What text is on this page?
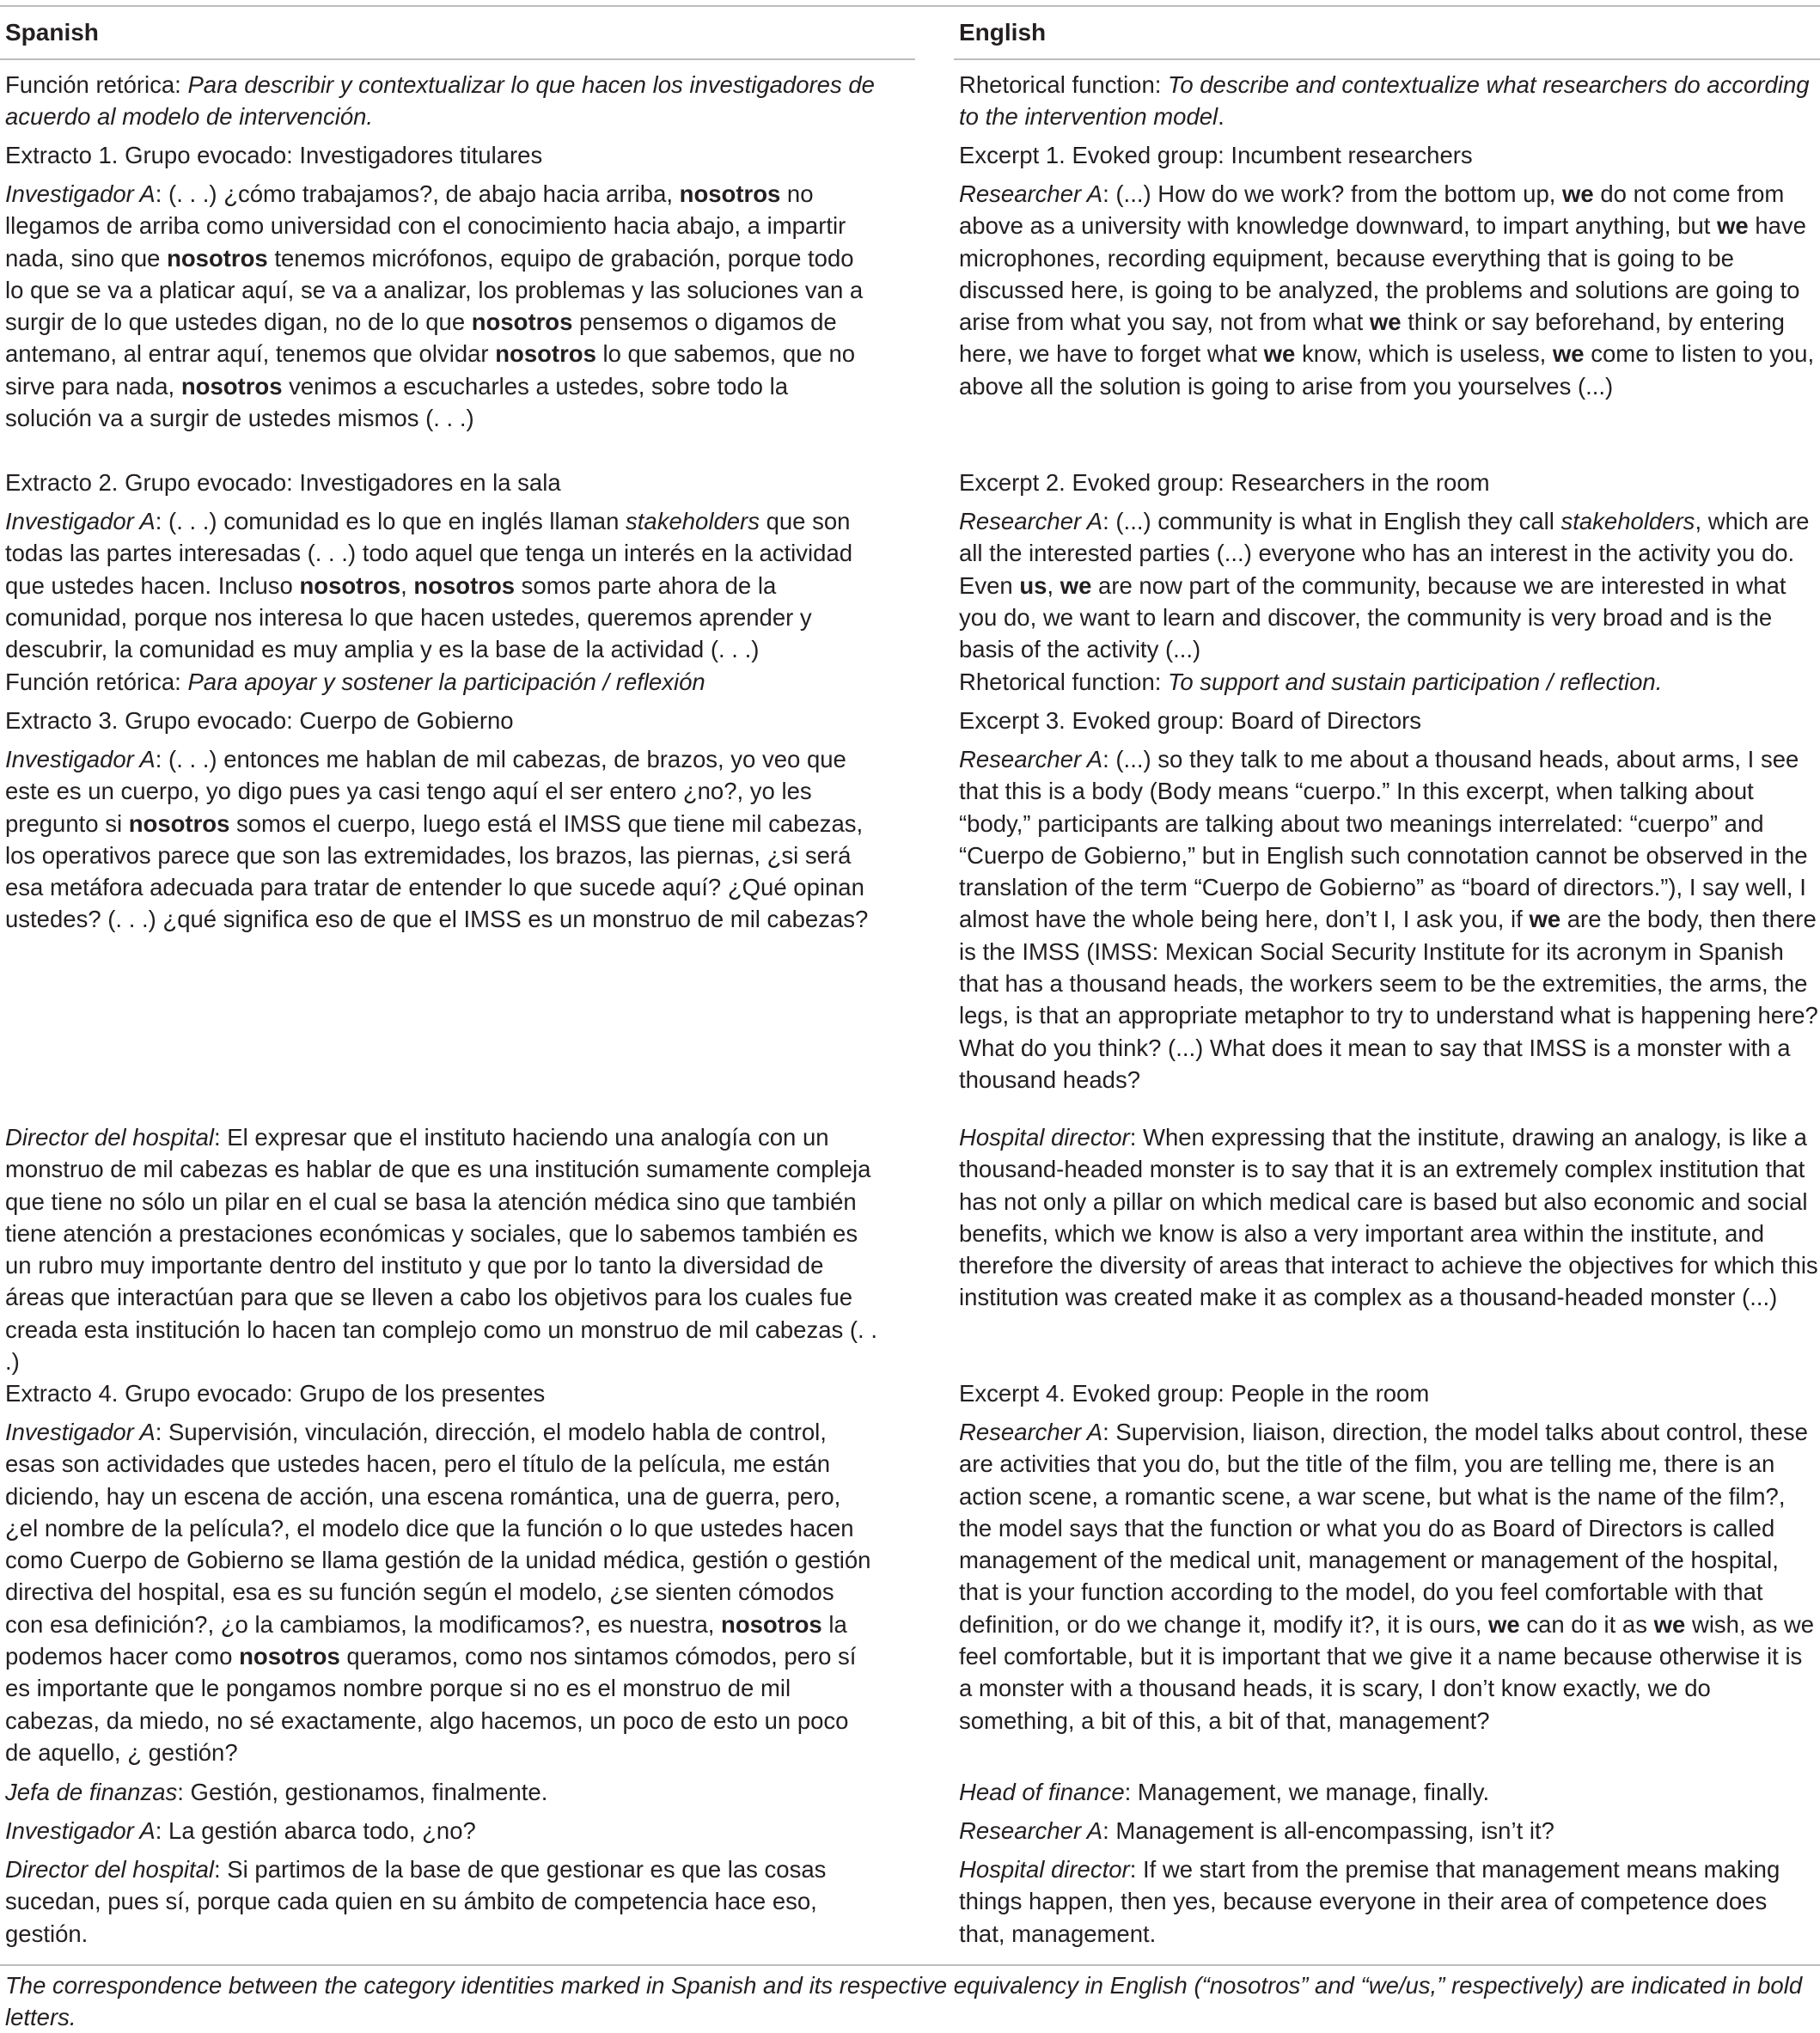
Spanish	English

Función retórica: Para describir y contextualizar lo que hacen los investigadores de acuerdo al modelo de intervención.

Extracto 1. Grupo evocado: Investigadores titulares

Investigador A: (. . .) ¿cómo trabajamos?, de abajo hacia arriba, nosotros no llegamos de arriba como universidad con el conocimiento hacia abajo, a impartir nada, sino que nosotros tenemos micrófonos, equipo de grabación, porque todo lo que se va a platicar aquí, se va a analizar, los problemas y las soluciones van a surgir de lo que ustedes digan, no de lo que nosotros pensemos o digamos de antemano, al entrar aquí, tenemos que olvidar nosotros lo que sabemos, que no sirve para nada, nosotros venimos a escucharles a ustedes, sobre todo la solución va a surgir de ustedes mismos (. . .)

Extracto 2. Grupo evocado: Investigadores en la sala

Investigador A: (. . .) comunidad es lo que en inglés llaman stakeholders que son todas las partes interesadas (. . .) todo aquel que tenga un interés en la actividad que ustedes hacen. Incluso nosotros, nosotros somos parte ahora de la comunidad, porque nos interesa lo que hacen ustedes, queremos aprender y descubrir, la comunidad es muy amplia y es la base de la actividad (. . .)

Función retórica: Para apoyar y sostener la participación / reflexión

Extracto 3. Grupo evocado: Cuerpo de Gobierno

Investigador A: (. . .) entonces me hablan de mil cabezas, de brazos, yo veo que este es un cuerpo, yo digo pues ya casi tengo aquí el ser entero ¿no?, yo les pregunto si nosotros somos el cuerpo, luego está el IMSS que tiene mil cabezas, los operativos parece que son las extremidades, los brazos, las piernas, ¿si será esa metáfora adecuada para tratar de entender lo que sucede aquí? ¿Qué opinan ustedes? (. . .) ¿qué significa eso de que el IMSS es un monstruo de mil cabezas?

Director del hospital: El expresar que el instituto haciendo una analogía con un monstruo de mil cabezas es hablar de que es una institución sumamente compleja que tiene no sólo un pilar en el cual se basa la atención médica sino que también tiene atención a prestaciones económicas y sociales, que lo sabemos también es un rubro muy importante dentro del instituto y que por lo tanto la diversidad de áreas que interactúan para que se lleven a cabo los objetivos para los cuales fue creada esta institución lo hacen tan complejo como un monstruo de mil cabezas (. . .)

Extracto 4. Grupo evocado: Grupo de los presentes

Investigador A: Supervisión, vinculación, dirección, el modelo habla de control, esas son actividades que ustedes hacen, pero el título de la película, me están diciendo, hay un escena de acción, una escena romántica, una de guerra, pero, ¿el nombre de la película?, el modelo dice que la función o lo que ustedes hacen como Cuerpo de Gobierno se llama gestión de la unidad médica, gestión o gestión directiva del hospital, esa es su función según el modelo, ¿se sienten cómodos con esa definición?, ¿o la cambiamos, la modificamos?, es nuestra, nosotros la podemos hacer como nosotros queramos, como nos sintamos cómodos, pero sí es importante que le pongamos nombre porque si no es el monstruo de mil cabezas, da miedo, no sé exactamente, algo hacemos, un poco de esto un poco de aquello, ¿ gestión?

Jefa de finanzas: Gestión, gestionamos, finalmente.

Investigador A: La gestión abarca todo, ¿no?

Director del hospital: Si partimos de la base de que gestionar es que las cosas sucedan, pues sí, porque cada quien en su ámbito de competencia hace eso, gestión.

Rhetorical function: To describe and contextualize what researchers do according to the intervention model.

Excerpt 1. Evoked group: Incumbent researchers

Researcher A: (...) How do we work? from the bottom up, we do not come from above as a university with knowledge downward, to impart anything, but we have microphones, recording equipment, because everything that is going to be discussed here, is going to be analyzed, the problems and solutions are going to arise from what you say, not from what we think or say beforehand, by entering here, we have to forget what we know, which is useless, we come to listen to you, above all the solution is going to arise from you yourselves (...)

Excerpt 2. Evoked group: Researchers in the room

Researcher A: (...) community is what in English they call stakeholders, which are all the interested parties (...) everyone who has an interest in the activity you do. Even us, we are now part of the community, because we are interested in what you do, we want to learn and discover, the community is very broad and is the basis of the activity (...)

Rhetorical function: To support and sustain participation / reflection.

Excerpt 3. Evoked group: Board of Directors

Researcher A: (...) so they talk to me about a thousand heads, about arms, I see that this is a body (Body means “cuerpo.” In this excerpt, when talking about “body,” participants are talking about two meanings interrelated: “cuerpo” and “Cuerpo de Gobierno,” but in English such connotation cannot be observed in the translation of the term “Cuerpo de Gobierno” as “board of directors.”), I say well, I almost have the whole being here, don’t I, I ask you, if we are the body, then there is the IMSS (IMSS: Mexican Social Security Institute for its acronym in Spanish that has a thousand heads, the workers seem to be the extremities, the arms, the legs, is that an appropriate metaphor to try to understand what is happening here? What do you think? (...) What does it mean to say that IMSS is a monster with a thousand heads?

Hospital director: When expressing that the institute, drawing an analogy, is like a thousand-headed monster is to say that it is an extremely complex institution that has not only a pillar on which medical care is based but also economic and social benefits, which we know is also a very important area within the institute, and therefore the diversity of areas that interact to achieve the objectives for which this institution was created make it as complex as a thousand-headed monster (...)

Excerpt 4. Evoked group: People in the room

Researcher A: Supervision, liaison, direction, the model talks about control, these are activities that you do, but the title of the film, you are telling me, there is an action scene, a romantic scene, a war scene, but what is the name of the film?, the model says that the function or what you do as Board of Directors is called management of the medical unit, management or management of the hospital, that is your function according to the model, do you feel comfortable with that definition, or do we change it, modify it?, it is ours, we can do it as we wish, as we feel comfortable, but it is important that we give it a name because otherwise it is a monster with a thousand heads, it is scary, I don’t know exactly, we do something, a bit of this, a bit of that, management?

Head of finance: Management, we manage, finally.

Researcher A: Management is all-encompassing, isn’t it?

Hospital director: If we start from the premise that management means making things happen, then yes, because everyone in their area of competence does that, management.

The correspondence between the category identities marked in Spanish and its respective equivalency in English (“nosotros” and “we/us,” respectively) are indicated in bold letters.
